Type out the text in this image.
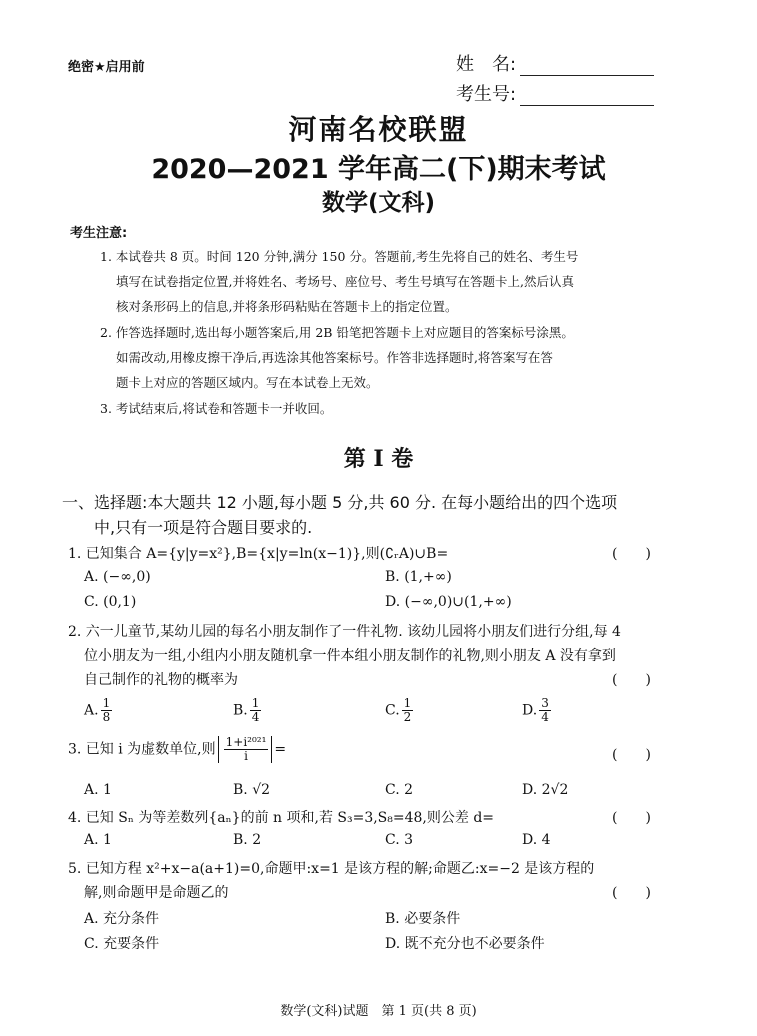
绝密★启用前	姓　名:
考生号:
河南名校联盟
2020—2021 学年高二(下)期末考试
数学(文科)
考生注意:
1. 本试卷共 8 页。时间 120 分钟,满分 150 分。答题前,考生先将自己的姓名、考生号
填写在试卷指定位置,并将姓名、考场号、座位号、考生号填写在答题卡上,然后认真
核对条形码上的信息,并将条形码粘贴在答题卡上的指定位置。
2. 作答选择题时,选出每小题答案后,用 2B 铅笔把答题卡上对应题目的答案标号涂黑。
如需改动,用橡皮擦干净后,再选涂其他答案标号。作答非选择题时,将答案写在答
题卡上对应的答题区域内。写在本试卷上无效。
3. 考试结束后,将试卷和答题卡一并收回。
第 I 卷
一、选择题:本大题共 12 小题,每小题 5 分,共 60 分. 在每小题给出的四个选项
中,只有一项是符合题目要求的.
1. 已知集合 A={y|y=x²},B={x|y=ln(x−1)},则(∁ᵣA)∪B=	(　　)
A. (−∞,0)	B. (1,+∞)
C. (0,1)	D. (−∞,0)∪(1,+∞)
2. 六一儿童节,某幼儿园的每名小朋友制作了一件礼物. 该幼儿园将小朋友们进行分组,每 4
位小朋友为一组,小组内小朋友随机拿一件本组小朋友制作的礼物,则小朋友 A 没有拿到
自己制作的礼物的概率为	(　　)
A. $\frac{1}{8}$	B. $\frac{1}{4}$	C. $\frac{1}{2}$	D. $\frac{3}{4}$
3. 已知 i 为虚数单位,则 $\frac{\text{1+i²⁰²¹}}{i}$ =	(　　)
A. 1	B. √2	C. 2	D. 2√2
4. 已知 Sₙ 为等差数列{aₙ}的前 n 项和,若 S₃=3,S₈=48,则公差 d=	(　　)
A. 1	B. 2	C. 3	D. 4
5. 已知方程 x²+x−a(a+1)=0,命题甲:x=1 是该方程的解;命题乙:x=−2 是该方程的
解,则命题甲是命题乙的	(　　)
A. 充分条件	B. 必要条件
C. 充要条件	D. 既不充分也不必要条件
数学(文科)试题　第 1 页(共 8 页)
